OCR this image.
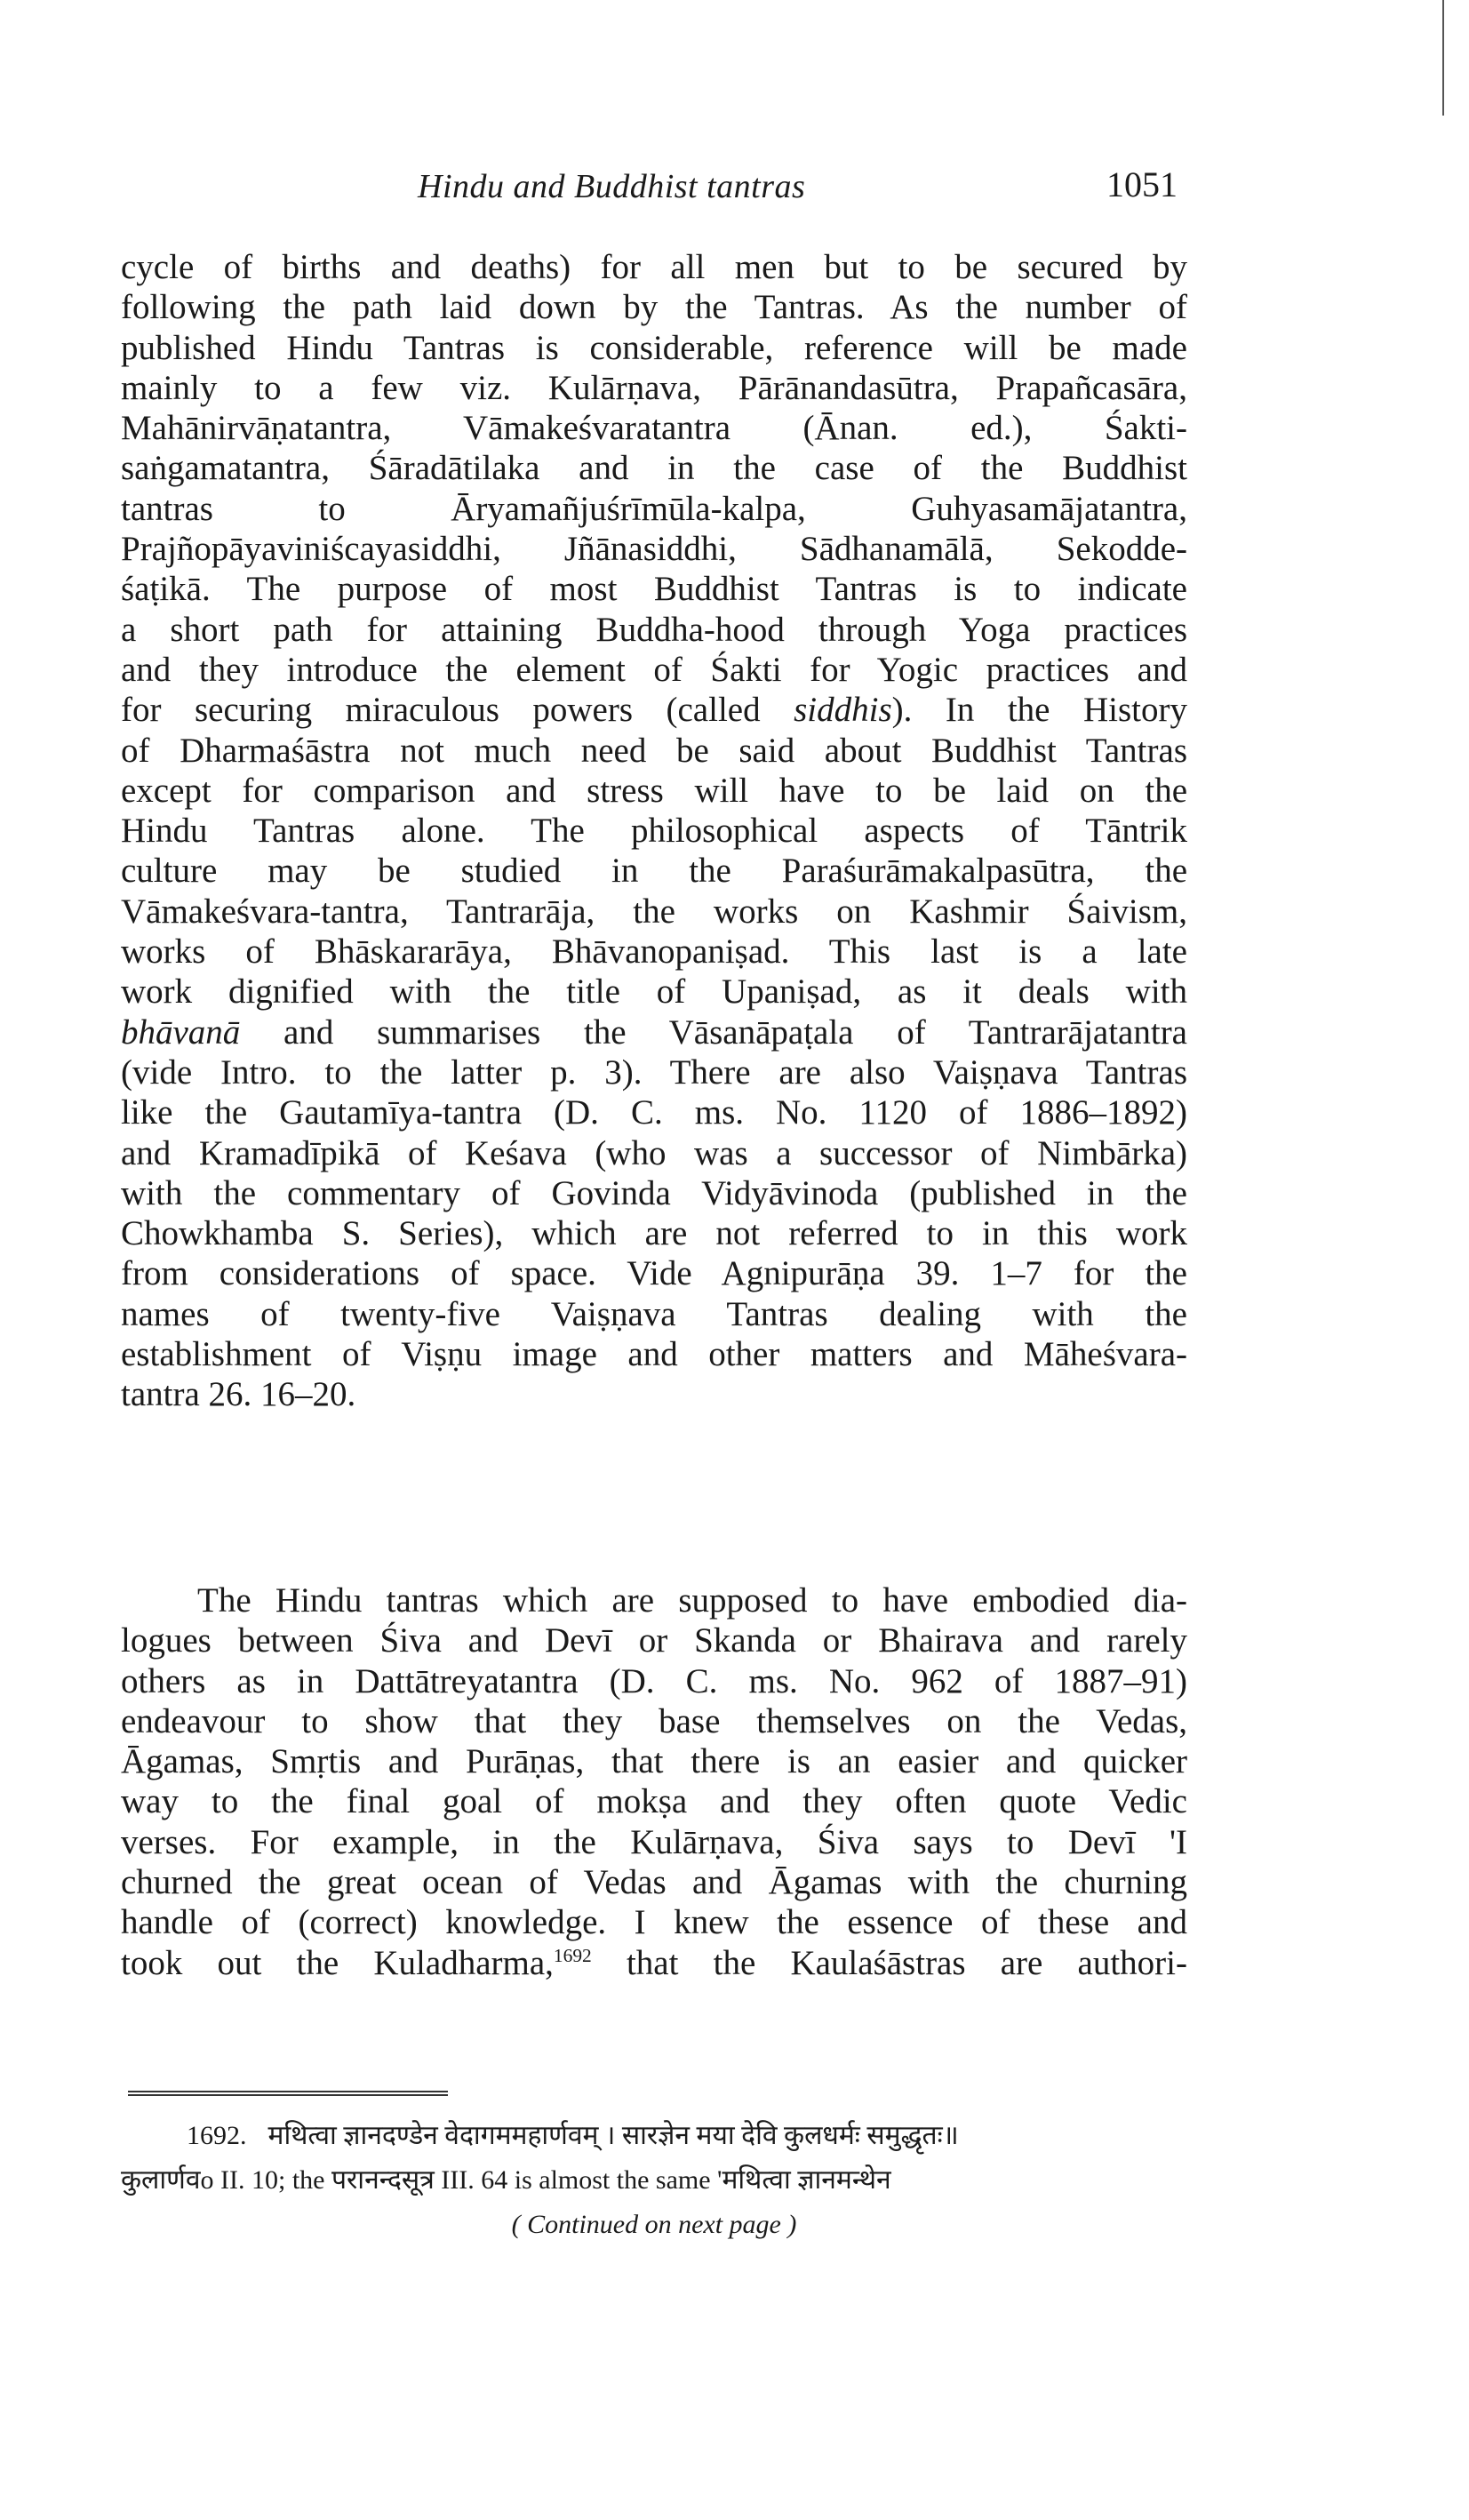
Hindu and Buddhist tantras	1051
cycle of births and deaths) for all men but to be secured by
following the path laid down by the Tantras. As the number of
published Hindu Tantras is considerable, reference will be made
mainly to a few viz. Kulārṇava, Pārānandasūtra, Prapañcasāra,
Mahānirvāṇatantra, Vāmakeśvaratantra (Ānan. ed.), Śakti-
saṅgamatantra, Śāradātilaka and in the case of the Buddhist
tantras to Āryamañjuśrīmūla-kalpa, Guhyasamājatantra,
Prajñopāyaviniścayasiddhi, Jñānasiddhi, Sādhanamālā, Sekodde-
śaṭikā. The purpose of most Buddhist Tantras is to indicate
a short path for attaining Buddha-hood through Yoga practices
and they introduce the element of Śakti for Yogic practices and
for securing miraculous powers (called siddhis). In the History
of Dharmaśāstra not much need be said about Buddhist Tantras
except for comparison and stress will have to be laid on the
Hindu Tantras alone. The philosophical aspects of Tāntrik
culture may be studied in the Paraśurāmakalpasūtra, the
Vāmakeśvara-tantra, Tantrarāja, the works on Kashmir Śaivism,
works of Bhāskararāya, Bhāvanopaniṣad. This last is a late
work dignified with the title of Upaniṣad, as it deals with
bhāvanā and summarises the Vāsanāpaṭala of Tantrarājatantra
(vide Intro. to the latter p. 3). There are also Vaiṣṇava Tantras
like the Gautamīya-tantra (D. C. ms. No. 1120 of 1886–1892)
and Kramadīpikā of Keśava (who was a successor of Nimbārka)
with the commentary of Govinda Vidyāvinoda (published in the
Chowkhamba S. Series), which are not referred to in this work
from considerations of space. Vide Agnipurāṇa 39. 1–7 for the
names of twenty-five Vaiṣṇava Tantras dealing with the
establishment of Viṣṇu image and other matters and Māheśvara-
tantra 26. 16–20.
The Hindu tantras which are supposed to have embodied dia-
logues between Śiva and Devī or Skanda or Bhairava and rarely
others as in Dattātreyatantra (D. C. ms. No. 962 of 1887–91)
endeavour to show that they base themselves on the Vedas,
Āgamas, Smṛtis and Purāṇas, that there is an easier and quicker
way to the final goal of mokṣa and they often quote Vedic
verses. For example, in the Kulārṇava, Śiva says to Devī 'I
churned the great ocean of Vedas and Āgamas with the churning
handle of (correct) knowledge. I knew the essence of these and
took out the Kuladharma,$^{1692}$ that the Kaulaśāstras are authori-
1692. मथित्वा ज्ञानदण्डेन वेदागममहार्णवम् । सारज्ञेन मया देवि कुलधर्मः समुद्धृतः॥
कुलार्णवo II. 10; the परानन्दसूत्र III. 64 is almost the same 'मथित्वा ज्ञानमन्थेन
( Continued on next page )
